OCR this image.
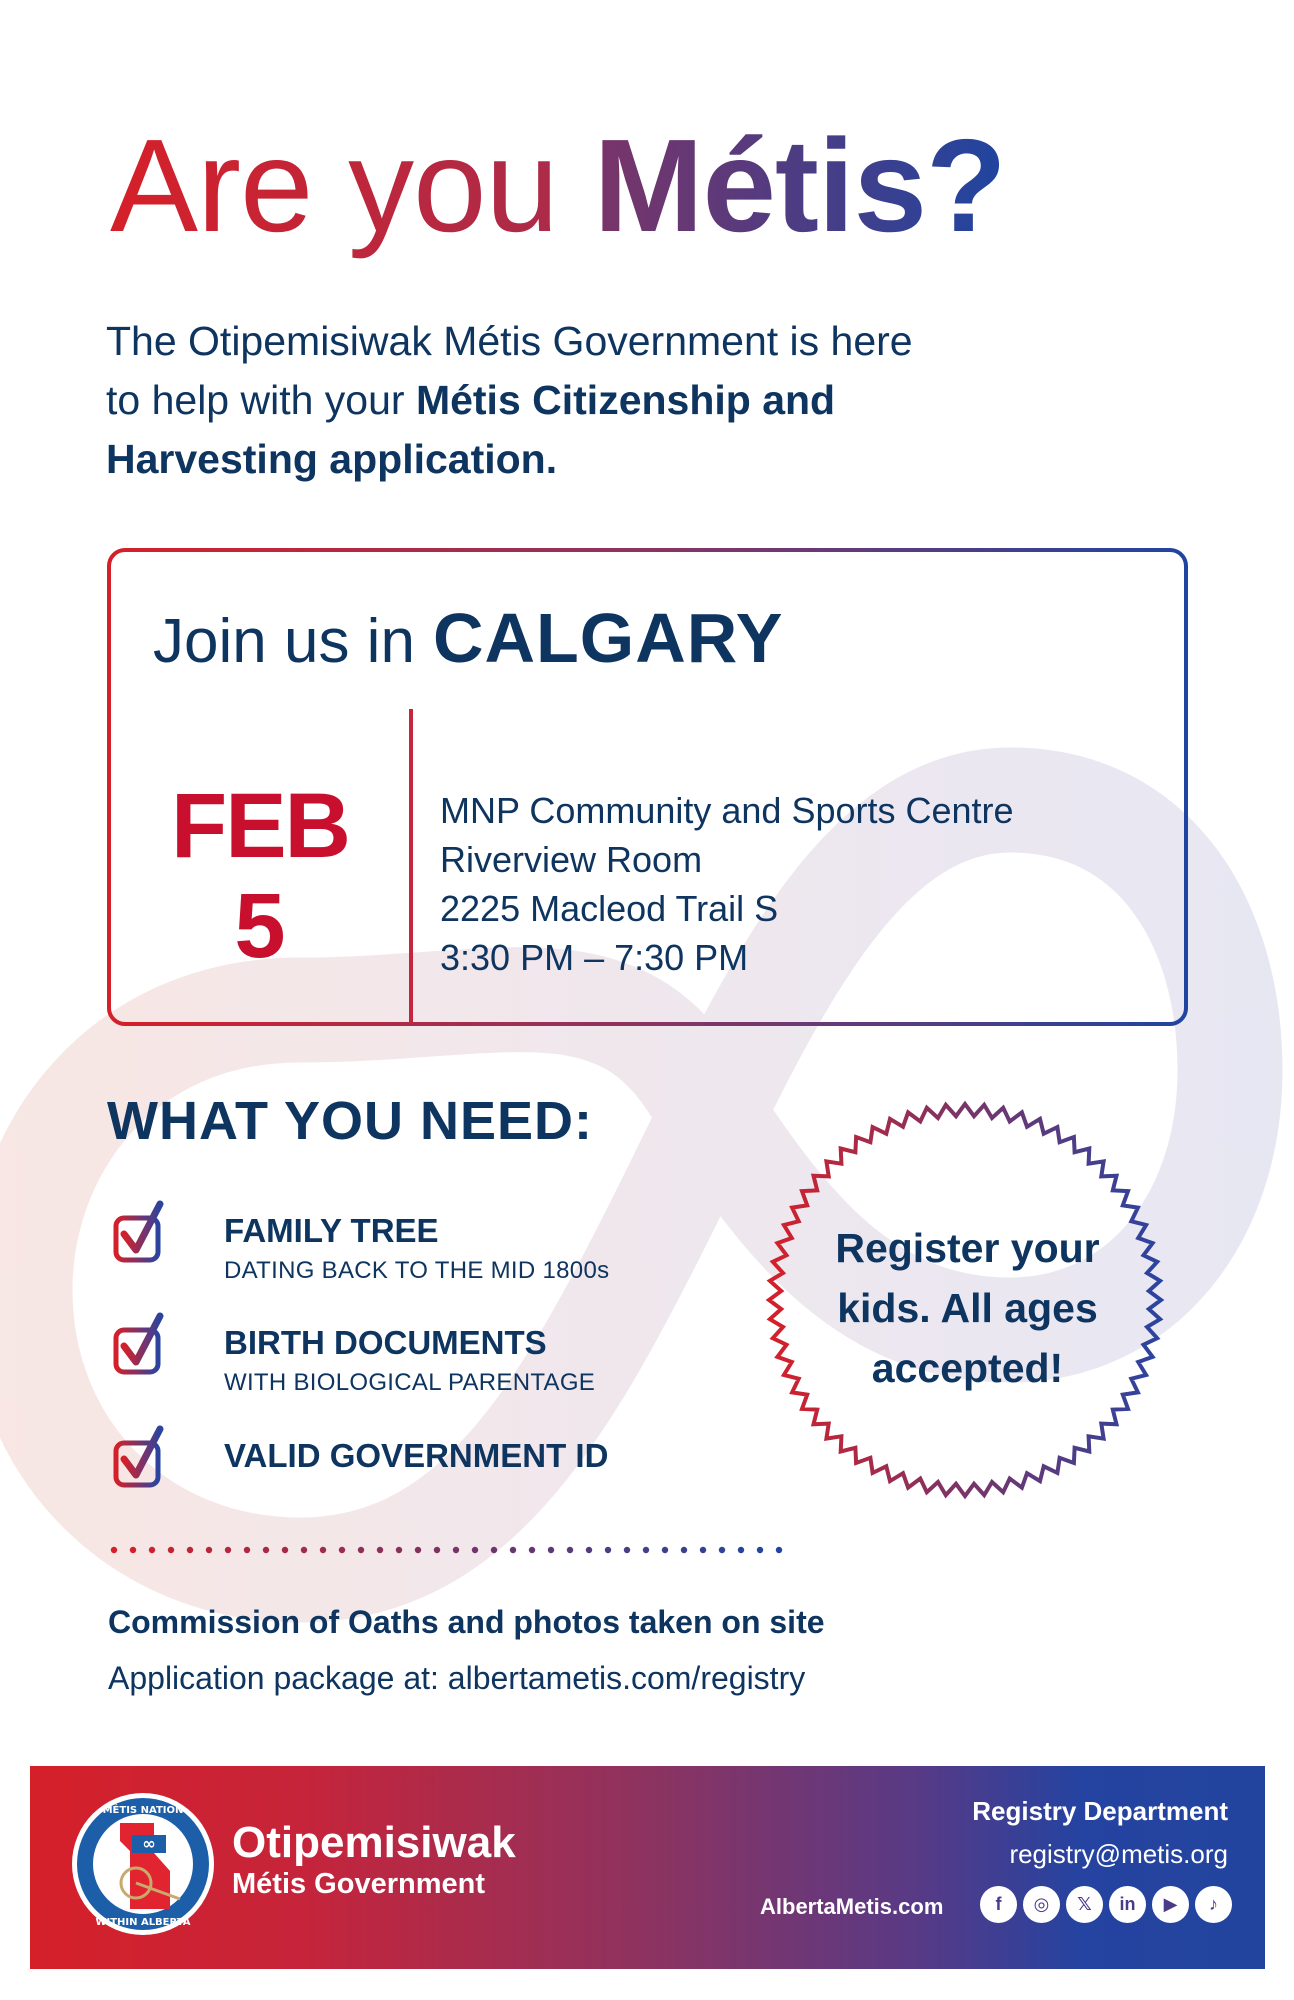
Are you Métis?
The Otipemisiwak Métis Government is here
to help with your Métis Citizenship and
Harvesting application.
Join us in CALGARY
FEB
5
MNP Community and Sports Centre
Riverview Room
2225 Macleod Trail S
3:30 PM – 7:30 PM
WHAT YOU NEED:
FAMILY TREE
DATING BACK TO THE MID 1800s
BIRTH DOCUMENTS
WITH BIOLOGICAL PARENTAGE
VALID GOVERNMENT ID
Register your
kids. All ages
accepted!
Commission of Oaths and photos taken on site
Application package at: albertametis.com/registry
∞
MÉTIS NATION
WITHIN ALBERTA
Otipemisiwak
Métis Government
Registry Department
registry@metis.org
AlbertaMetis.com	f	◎	𝕏	in	▶	♪
